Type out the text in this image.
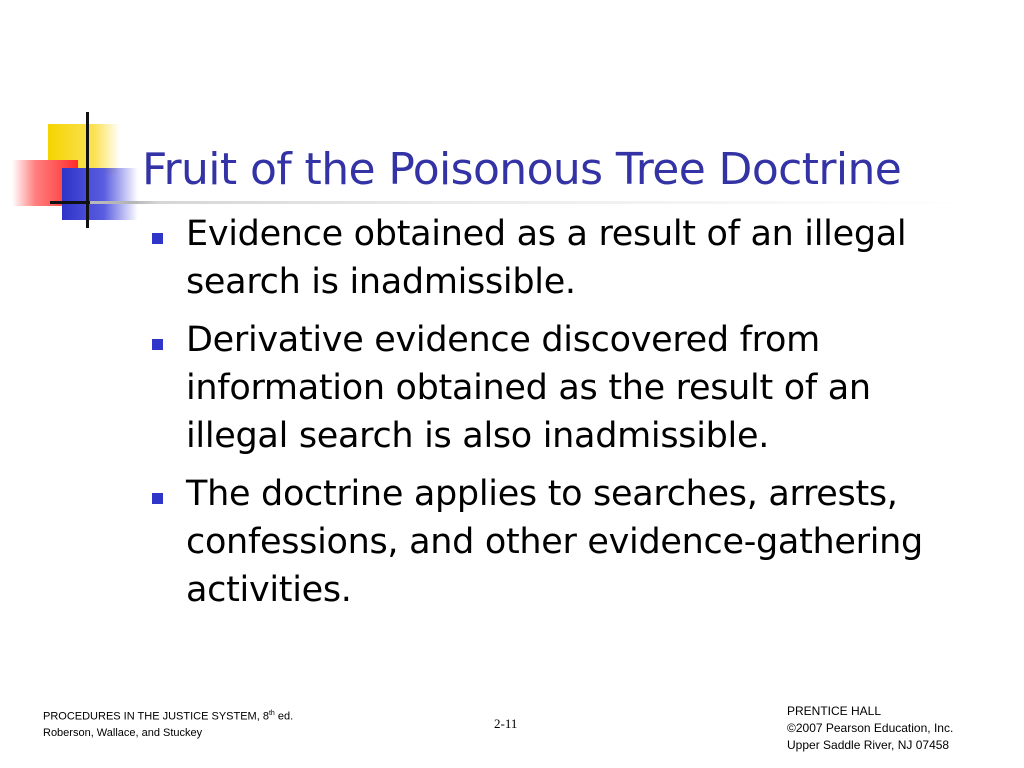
Fruit of the Poisonous Tree Doctrine
Evidence obtained as a result of an illegal search is inadmissible.
Derivative evidence discovered from information obtained as the result of an illegal search is also inadmissible.
The doctrine applies to searches, arrests, confessions, and other evidence-gathering activities.
PROCEDURES IN THE JUSTICE SYSTEM, 8th ed.
Roberson, Wallace, and Stuckey
2-11
PRENTICE HALL
©2007 Pearson Education, Inc.
Upper Saddle River, NJ 07458
